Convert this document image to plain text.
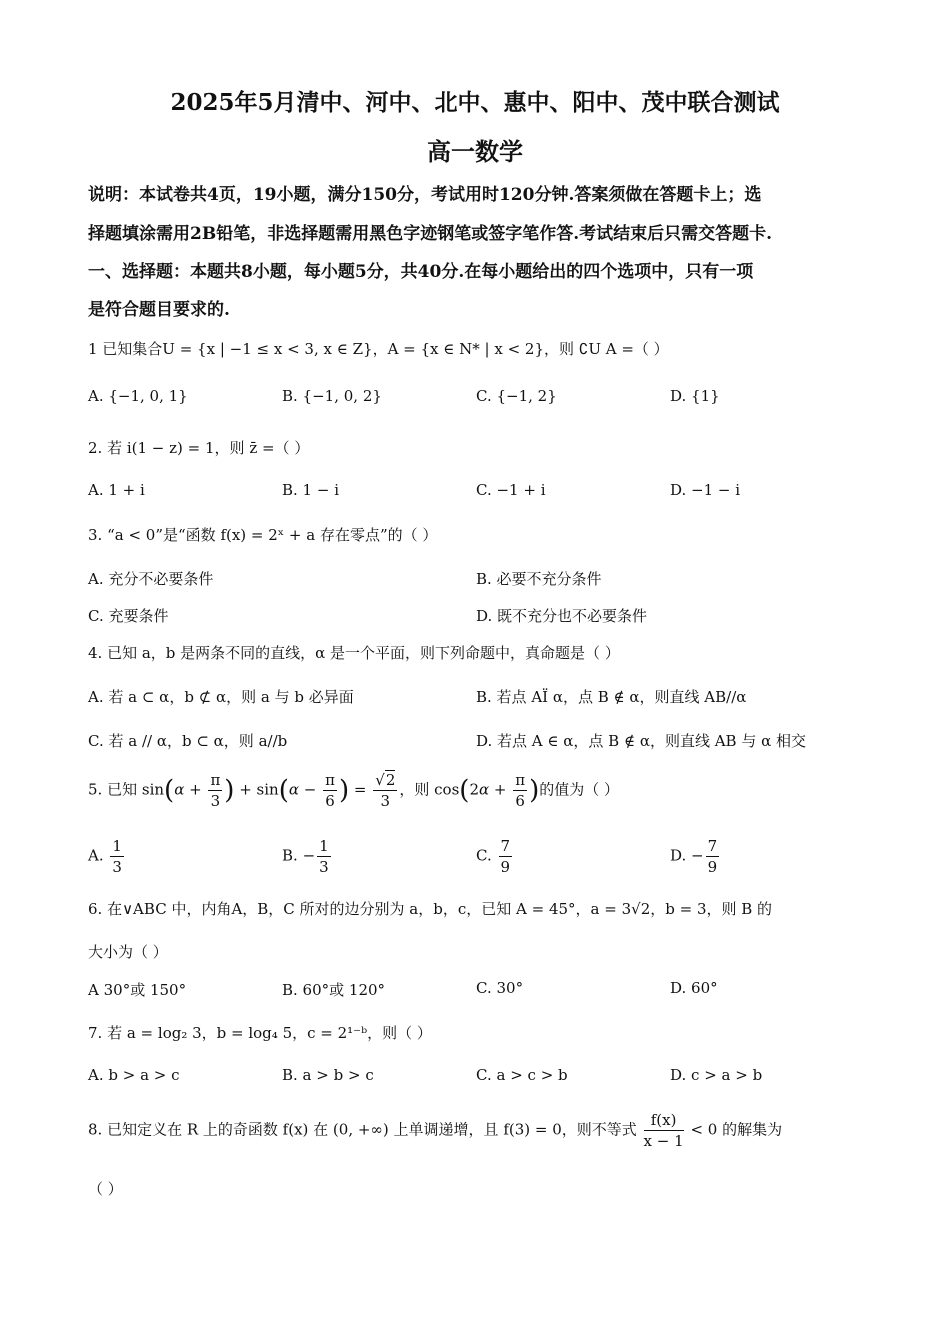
2025年5月清中、河中、北中、惠中、阳中、茂中联合测试
高一数学
说明：本试卷共4页，19小题，满分150分，考试用时120分钟.答案须做在答题卡上；选
择题填涂需用2B铅笔，非选择题需用黑色字迹钢笔或签字笔作答.考试结束后只需交答题卡.
一、选择题：本题共8小题，每小题5分，共40分.在每小题给出的四个选项中，只有一项
是符合题目要求的.
1 已知集合U = {x | −1 ≤ x < 3, x ∈ Z}，A = {x ∈ N* | x < 2}，则 ∁U A =（ ）
A. {−1, 0, 1}	B. {−1, 0, 2}	C. {−1, 2}	D. {1}
2. 若 i(1 − z) = 1，则 z̄ =（ ）
A. 1 + i	B. 1 − i	C. −1 + i	D. −1 − i
3. “a < 0”是“函数 f(x) = 2ˣ + a 存在零点”的（ ）
A. 充分不必要条件	B. 必要不充分条件
C. 充要条件	D. 既不充分也不必要条件
4. 已知 a，b 是两条不同的直线，α 是一个平面，则下列命题中，真命题是（ ）
A. 若 a ⊂ α，b ⊄ α，则 a 与 b 必异面	B. 若点 AÏ α，点 B ∉ α，则直线 AB//α
C. 若 a // α，b ⊂ α，则 a//b	D. 若点 A ∈ α，点 B ∉ α，则直线 AB 与 α 相交
5. 已知 $\sin(\alpha + \frac{\pi}{3}$ ) + $\sin(\alpha - \frac{\pi}{6}$ ) = $\frac{√2}{3}$ ，则 $\cos(2\alpha + \frac{\pi}{6}$ )的值为（ ）
A. $\frac{1}{3}$	B. − $\frac{1}{3}$	C. $\frac{7}{9}$	D. − $\frac{7}{9}$
6. 在∨ABC 中，内角A，B，C 所对的边分别为 a，b，c，已知 A = 45°，a = 3√2，b = 3，则 B 的
大小为（ ）
A 30°或 150°	B. 60°或 120°	C. 30°	D. 60°
7. 若 a = log₂ 3，b = log₄ 5，c = 2¹⁻ᵇ，则（ ）
A. b > a > c	B. a > b > c	C. a > c > b	D. c > a > b
8. 已知定义在 R 上的奇函数 f(x) 在 (0, +∞) 上单调递增，且 f(3) = 0，则不等式 $\frac{f(x)}{x - 1} < 0$ 的解集为
（ ）
